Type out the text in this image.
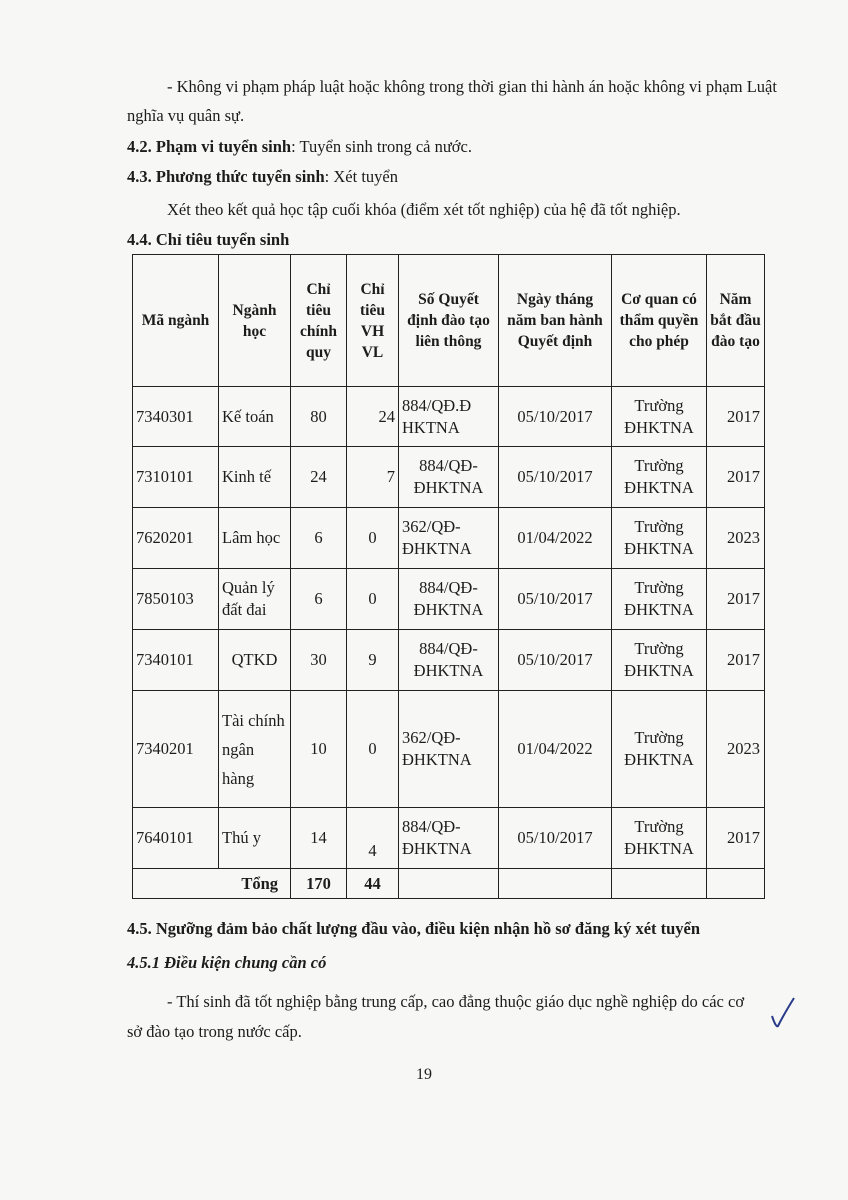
- Không vi phạm pháp luật hoặc không trong thời gian thi hành án hoặc không vi phạm Luật nghĩa vụ quân sự.

4.2. Phạm vi tuyển sinh: Tuyển sinh trong cả nước.

4.3. Phương thức tuyển sinh: Xét tuyển

Xét theo kết quả học tập cuối khóa (điểm xét tốt nghiệp) của hệ đã tốt nghiệp.

4.4. Chỉ tiêu tuyển sinh

Mã ngành	Ngành học	Chỉ tiêu chính quy	Chỉ tiêu VH VL	Số Quyết định đào tạo liên thông	Ngày tháng năm ban hành Quyết định	Cơ quan có thẩm quyền cho phép	Năm bắt đầu đào tạo
7340301	Kế toán	80	24	884/QĐ.Đ HKTNA	05/10/2017	Trường ĐHKTNA	2017
7310101	Kinh tế	24	7	884/QĐ-ĐHKTNA	05/10/2017	Trường ĐHKTNA	2017
7620201	Lâm học	6	0	362/QĐ-ĐHKTNA	01/04/2022	Trường ĐHKTNA	2023
7850103	Quản lý đất đai	6	0	884/QĐ-ĐHKTNA	05/10/2017	Trường ĐHKTNA	2017
7340101	QTKD	30	9	884/QĐ-ĐHKTNA	05/10/2017	Trường ĐHKTNA	2017
7340201	Tài chính ngân hàng	10	0	362/QĐ-ĐHKTNA	01/04/2022	Trường ĐHKTNA	2023
7640101	Thú y	14	4	884/QĐ-ĐHKTNA	05/10/2017	Trường ĐHKTNA	2017
Tổng		170	44				

4.5. Ngưỡng đảm bảo chất lượng đầu vào, điều kiện nhận hồ sơ đăng ký xét tuyển

4.5.1 Điều kiện chung cần có

- Thí sinh đã tốt nghiệp bằng trung cấp, cao đẳng thuộc giáo dục nghề nghiệp do các cơ sở đào tạo trong nước cấp.

19
